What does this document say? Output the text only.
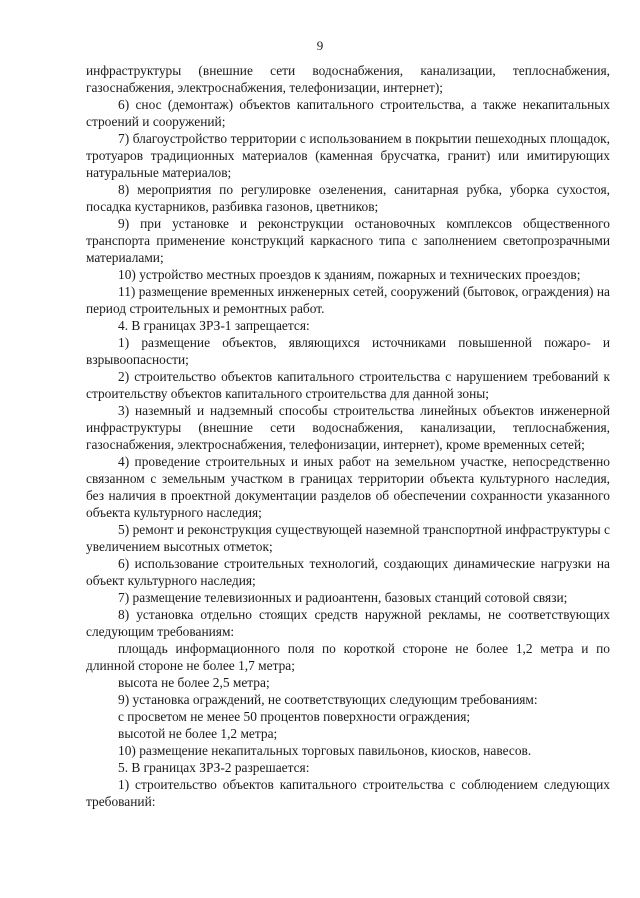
9

инфраструктуры (внешние сети водоснабжения, канализации, теплоснабжения, газоснабжения, электроснабжения, телефонизации, интернет);

6) снос (демонтаж) объектов капитального строительства, а также некапитальных строений и сооружений;

7) благоустройство территории с использованием в покрытии пешеходных площадок, тротуаров традиционных материалов (каменная брусчатка, гранит) или имитирующих натуральные материалов;

8) мероприятия по регулировке озеленения, санитарная рубка, уборка сухостоя, посадка кустарников, разбивка газонов, цветников;

9) при установке и реконструкции остановочных комплексов общественного транспорта применение конструкций каркасного типа с заполнением светопрозрачными материалами;

10) устройство местных проездов к зданиям, пожарных и технических проездов;

11) размещение временных инженерных сетей, сооружений (бытовок, ограждения) на период строительных и ремонтных работ.

4. В границах ЗРЗ-1 запрещается:

1) размещение объектов, являющихся источниками повышенной пожаро- и взрывоопасности;

2) строительство объектов капитального строительства с нарушением требований к строительству объектов капитального строительства для данной зоны;

3) наземный и надземный способы строительства линейных объектов инженерной инфраструктуры (внешние сети водоснабжения, канализации, теплоснабжения, газоснабжения, электроснабжения, телефонизации, интернет), кроме временных сетей;

4) проведение строительных и иных работ на земельном участке, непосредственно связанном с земельным участком в границах территории объекта культурного наследия, без наличия в проектной документации разделов об обеспечении сохранности указанного объекта культурного наследия;

5) ремонт и реконструкция существующей наземной транспортной инфраструктуры с увеличением высотных отметок;

6) использование строительных технологий, создающих динамические нагрузки на объект культурного наследия;

7) размещение телевизионных и радиоантенн, базовых станций сотовой связи;

8) установка отдельно стоящих средств наружной рекламы, не соответствующих следующим требованиям:

площадь информационного поля по короткой стороне не более 1,2 метра и по длинной стороне не более 1,7 метра;

высота не более 2,5 метра;

9) установка ограждений, не соответствующих следующим требованиям:

с просветом не менее 50 процентов поверхности ограждения;

высотой не более 1,2 метра;

10) размещение некапитальных торговых павильонов, киосков, навесов.

5. В границах ЗРЗ-2 разрешается:

1) строительство объектов капитального строительства с соблюдением следующих требований:
